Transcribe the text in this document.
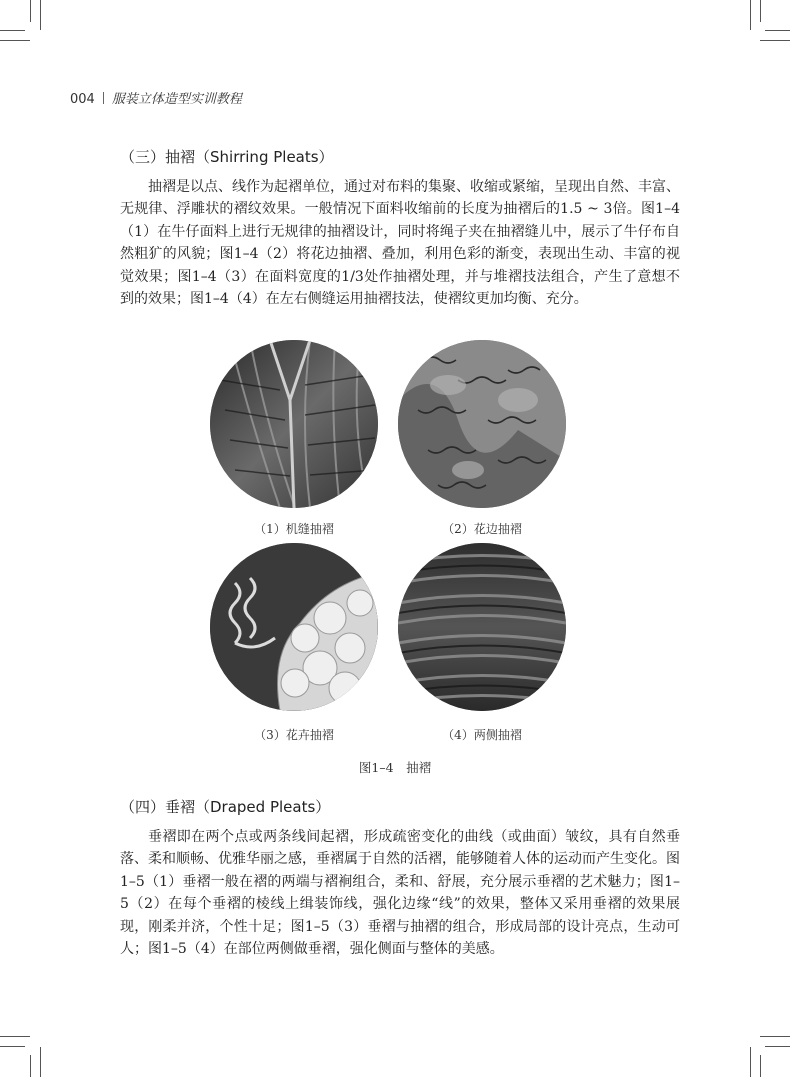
004 服装立体造型实训教程
（三）抽褶（Shirring Pleats）
抽褶是以点、线作为起褶单位，通过对布料的集聚、收缩或紧缩，呈现出自然、丰富、无规律、浮雕状的褶纹效果。一般情况下面料收缩前的长度为抽褶后的1.5 ~ 3倍。图1–4（1）在牛仔面料上进行无规律的抽褶设计，同时将绳子夹在抽褶缝儿中，展示了牛仔布自然粗犷的风貌；图1–4（2）将花边抽褶、叠加，利用色彩的渐变，表现出生动、丰富的视觉效果；图1–4（3）在面料宽度的1/3处作抽褶处理，并与堆褶技法组合，产生了意想不到的效果；图1–4（4）在左右侧缝运用抽褶技法，使褶纹更加均衡、充分。
（1）机缝抽褶	（2）花边抽褶
（3）花卉抽褶	（4）两侧抽褶
图1–4　抽褶
（四）垂褶（Draped Pleats）
垂褶即在两个点或两条线间起褶，形成疏密变化的曲线（或曲面）皱纹，具有自然垂落、柔和顺畅、优雅华丽之感，垂褶属于自然的活褶，能够随着人体的运动而产生变化。图1–5（1）垂褶一般在褶的两端与褶裥组合，柔和、舒展，充分展示垂褶的艺术魅力；图1–5（2）在每个垂褶的棱线上缉装饰线，强化边缘“线”的效果，整体又采用垂褶的效果展现，刚柔并济，个性十足；图1–5（3）垂褶与抽褶的组合，形成局部的设计亮点，生动可人；图1–5（4）在部位两侧做垂褶，强化侧面与整体的美感。
